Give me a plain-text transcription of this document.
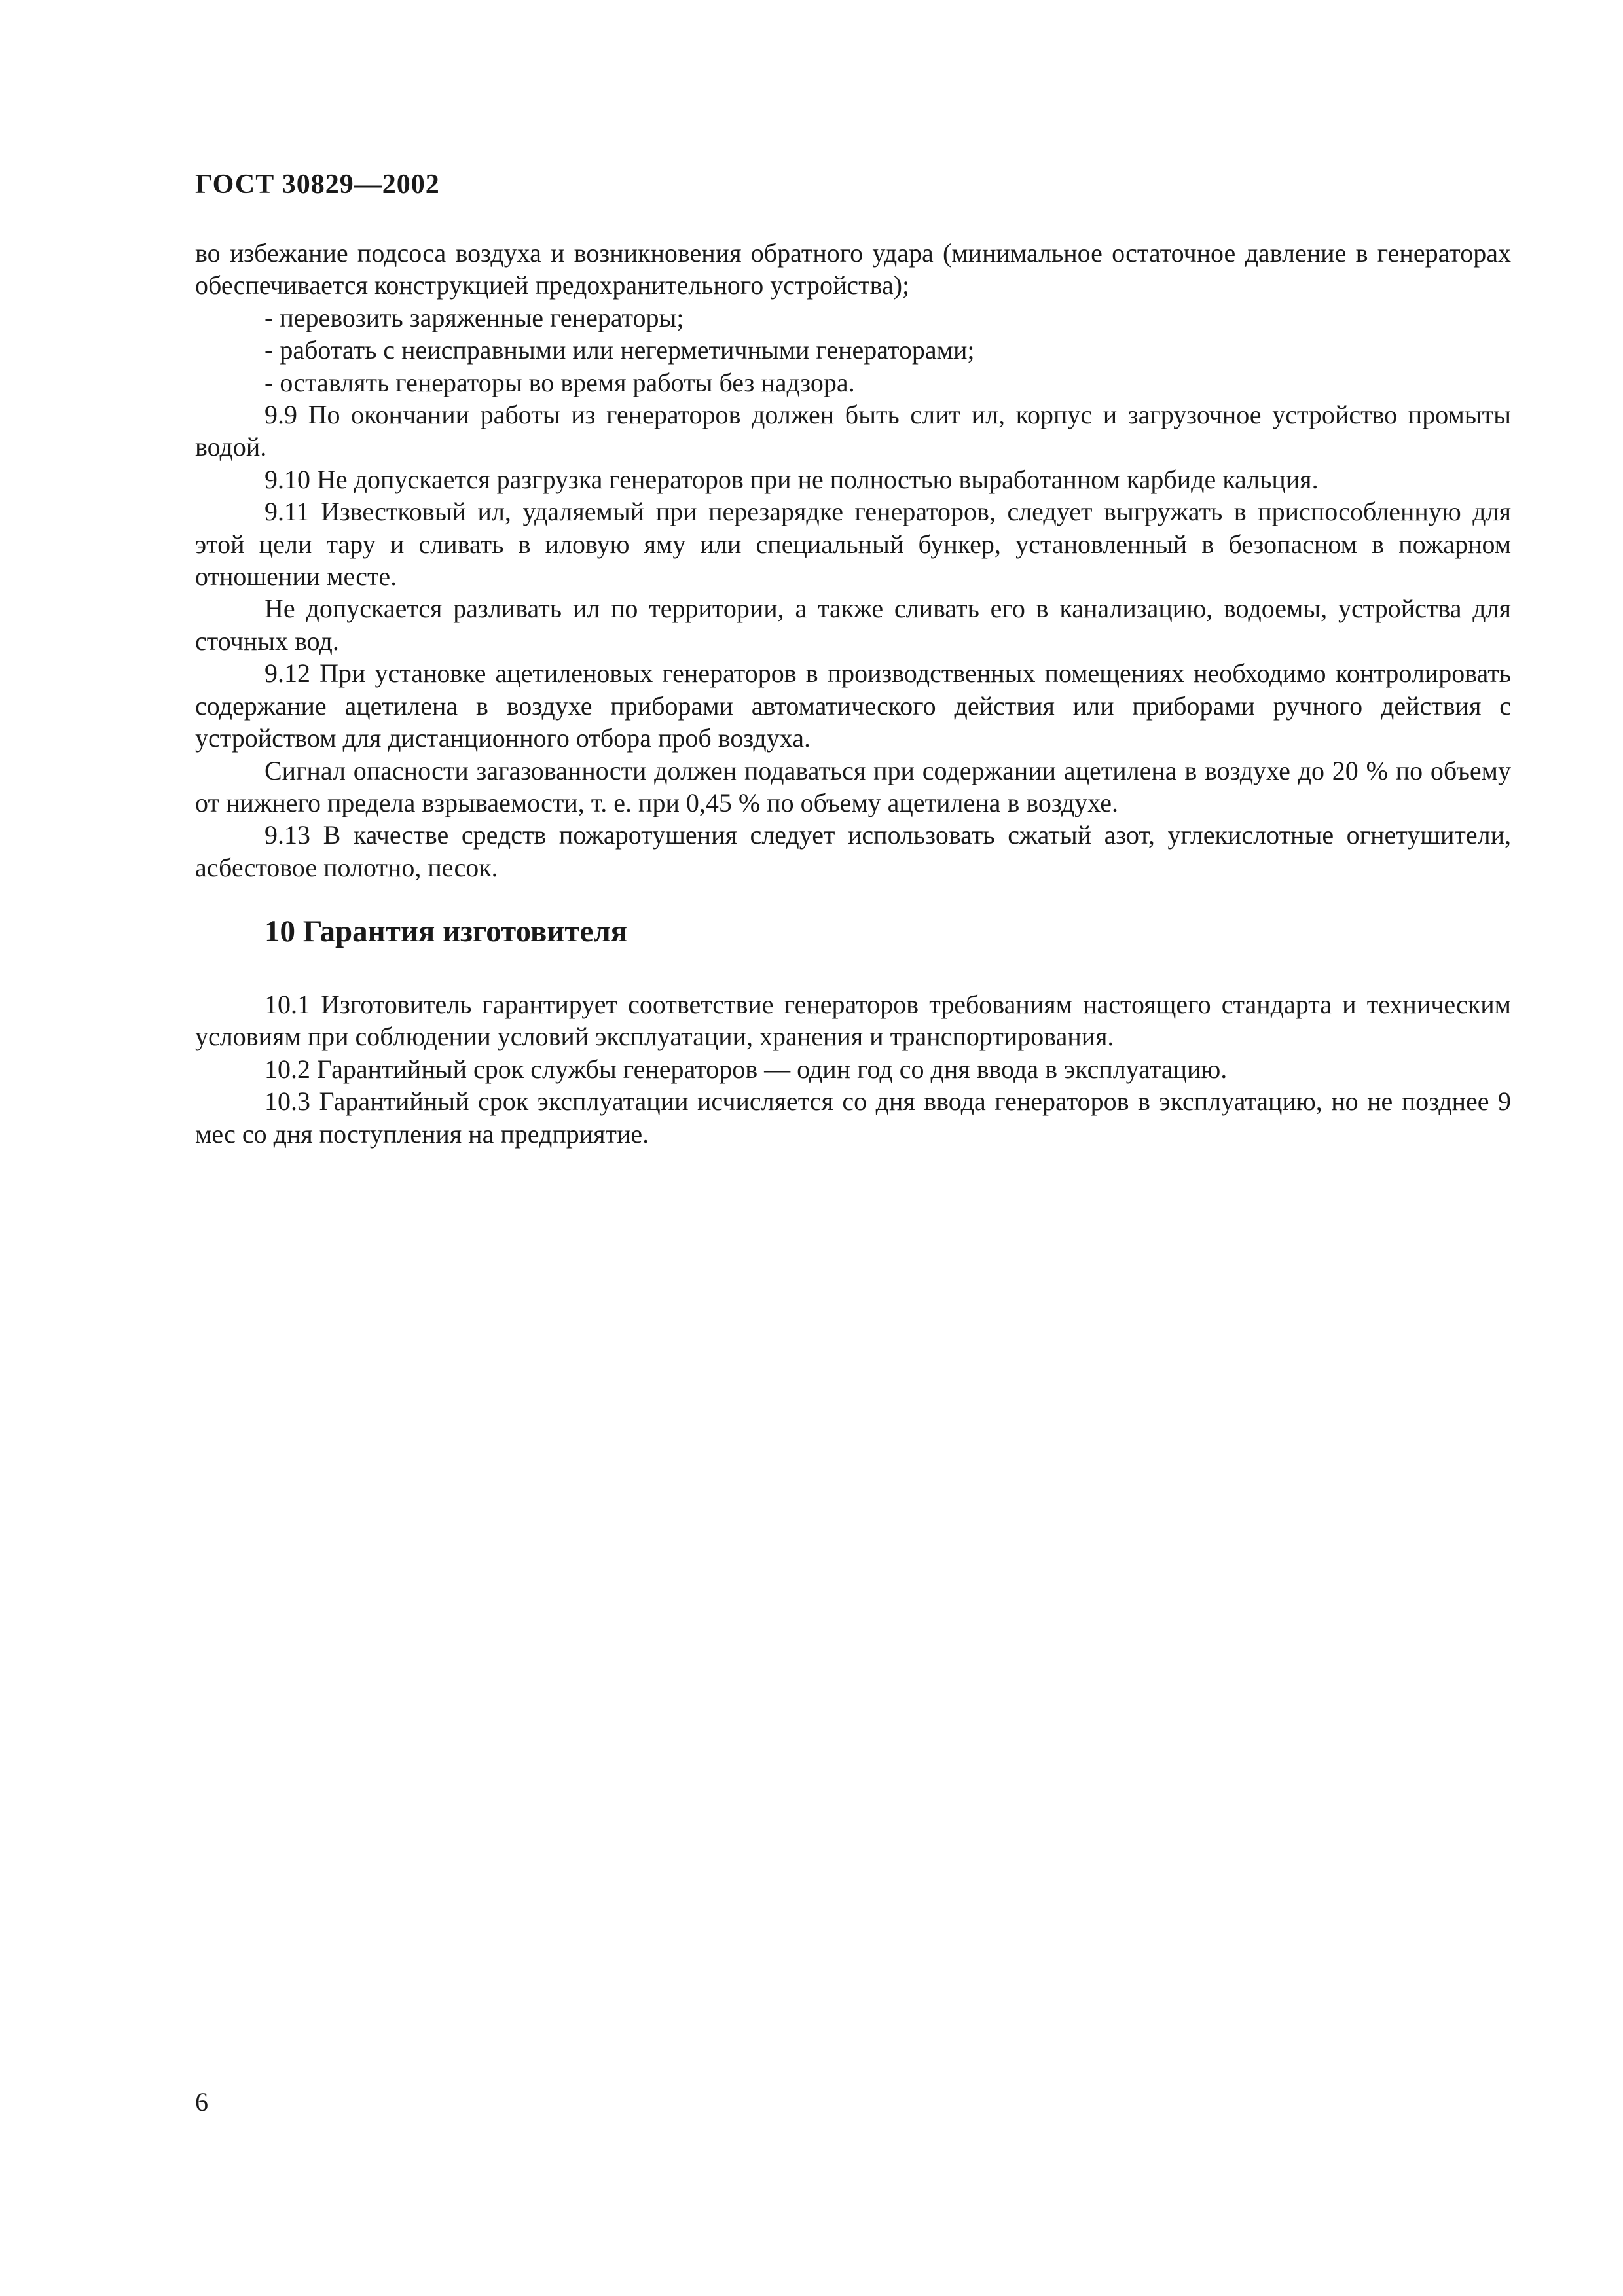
ГОСТ 30829—2002

во избежание подсоса воздуха и возникновения обратного удара (минимальное остаточное давление в генераторах обеспечивается конструкцией предохранительного устройства);

- перевозить заряженные генераторы;

- работать с неисправными или негерметичными генераторами;

- оставлять генераторы во время работы без надзора.

9.9 По окончании работы из генераторов должен быть слит ил, корпус и загрузочное устройство промыты водой.

9.10 Не допускается разгрузка генераторов при не полностью выработанном карбиде кальция.

9.11 Известковый ил, удаляемый при перезарядке генераторов, следует выгружать в приспособленную для этой цели тару и сливать в иловую яму или специальный бункер, установленный в безопасном в пожарном отношении месте.

Не допускается разливать ил по территории, а также сливать его в канализацию, водоемы, устройства для сточных вод.

9.12 При установке ацетиленовых генераторов в производственных помещениях необходимо контролировать содержание ацетилена в воздухе приборами автоматического действия или приборами ручного действия с устройством для дистанционного отбора проб воздуха.

Сигнал опасности загазованности должен подаваться при содержании ацетилена в воздухе до 20 % по объему от нижнего предела взрываемости, т. е. при 0,45 % по объему ацетилена в воздухе.

9.13 В качестве средств пожаротушения следует использовать сжатый азот, углекислотные огнетушители, асбестовое полотно, песок.

10 Гарантия изготовителя

10.1 Изготовитель гарантирует соответствие генераторов требованиям настоящего стандарта и техническим условиям при соблюдении условий эксплуатации, хранения и транспортирования.

10.2 Гарантийный срок службы генераторов — один год со дня ввода в эксплуатацию.

10.3 Гарантийный срок эксплуатации исчисляется со дня ввода генераторов в эксплуатацию, но не позднее 9 мес со дня поступления на предприятие.

6
